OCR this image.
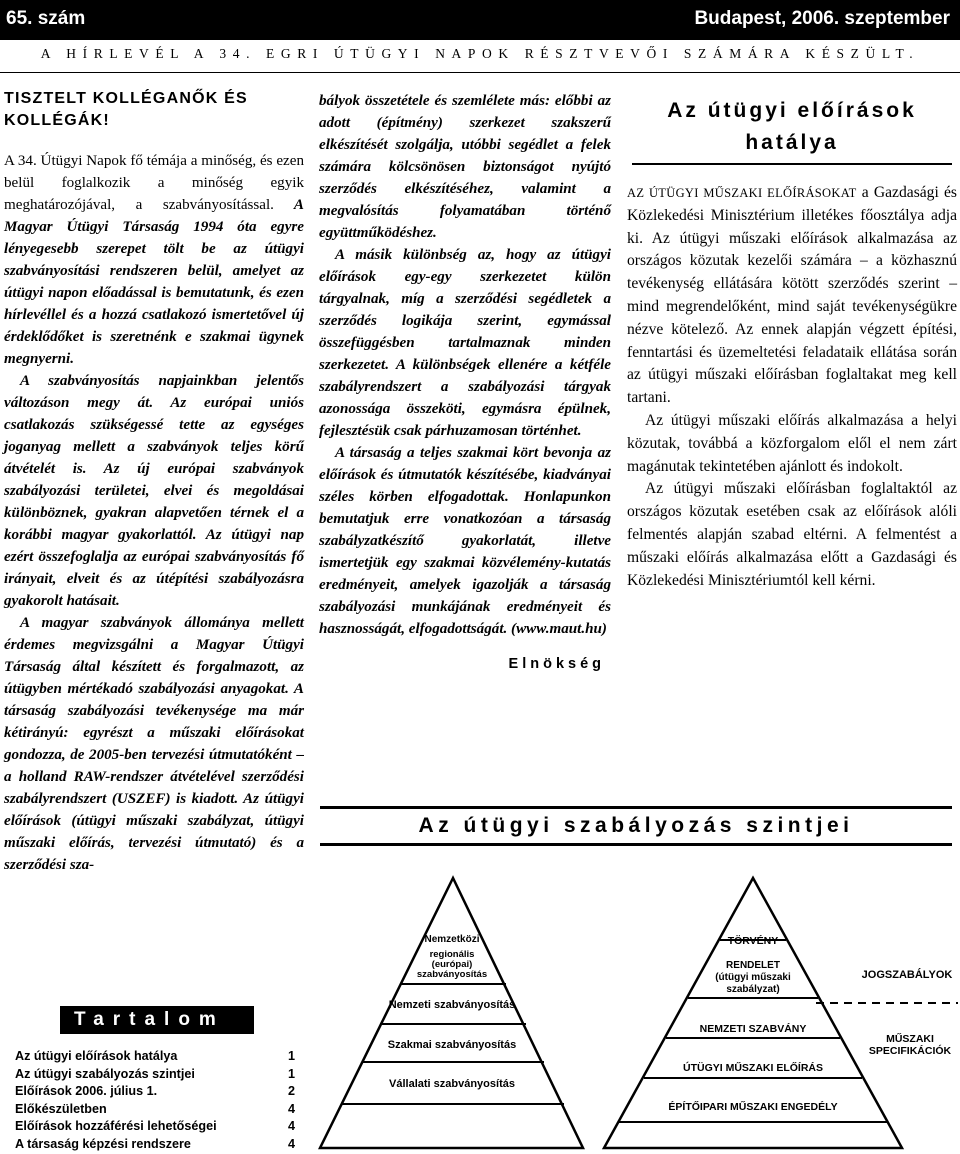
65. szám	Budapest, 2006. szeptember
A HÍRLEVÉL A 34. EGRI ÚTÜGYI NAPOK RÉSZTVEVŐI SZÁMÁRA KÉSZÜLT.

TISZTELT KOLLÉGANŐK ÉS KOLLÉGÁK!

A 34. Útügyi Napok fő témája a minőség, és ezen belül foglalkozik a minőség egyik meghatározójával, a szabványosítással. A Magyar Útügyi Társaság 1994 óta egyre lényegesebb szerepet tölt be az útügyi szabványosítási rendszeren belül, amelyet az útügyi napon előadással is bemutatunk, és ezen hírlevéllel és a hozzá csatlakozó ismertetővel új érdeklődőket is szeretnénk e szakmai ügynek megnyerni.

A szabványosítás napjainkban jelentős változáson megy át. Az európai uniós csatlakozás szükségessé tette az egységes joganyag mellett a szabványok teljes körű átvételét is. Az új európai szabványok szabályozási területei, elvei és megoldásai különböznek, gyakran alapvetően térnek el a korábbi magyar gyakorlattól. Az útügyi nap ezért összefoglalja az európai szabványosítás fő irányait, elveit és az útépítési szabályozásra gyakorolt hatásait.

A magyar szabványok állománya mellett érdemes megvizsgálni a Magyar Útügyi Társaság által készített és forgalmazott, az útügyben mértékadó szabályozási anyagokat. A társaság szabályozási tevékenysége ma már kétirányú: egyrészt a műszaki előírásokat gondozza, de 2005-ben tervezési útmutatóként – a holland RAW-rendszer átvételével szerződési szabályrendszert (USZEF) is kiadott. Az útügyi előírások (útügyi műszaki szabályzat, útügyi műszaki előírás, tervezési útmutató) és a szerződési sza-

bályok összetétele és szemlélete más: előbbi az adott (építmény) szerkezet szakszerű elkészítését szolgálja, utóbbi segédlet a felek számára kölcsönösen biztonságot nyújtó szerződés elkészítéséhez, valamint a megvalósítás folyamatában történő együttműködéshez.

A másik különbség az, hogy az útügyi előírások egy-egy szerkezetet külön tárgyalnak, míg a szerződési segédletek a szerződés logikája szerint, egymással összefüggésben tartalmaznak minden szerkezetet. A különbségek ellenére a kétféle szabályrendszert a szabályozási tárgyak azonossága összeköti, egymásra épülnek, fejlesztésük csak párhuzamosan történhet.

A társaság a teljes szakmai kört bevonja az előírások és útmutatók készítésébe, kiadványai széles körben elfogadottak. Honlapunkon bemutatjuk erre vonatkozóan a társaság szabályzatkészítő gyakorlatát, illetve ismertetjük egy szakmai közvélemény-kutatás eredményeit, amelyek igazolják a társaság szabályozási munkájának eredményeit és hasznosságát, elfogadottságát. (www.maut.hu)

Elnökség

Az útügyi előírások hatálya

AZ ÚTÜGYI MŰSZAKI ELŐÍRÁSOKAT a Gazdasági és Közlekedési Minisztérium illetékes főosztálya adja ki. Az útügyi műszaki előírások alkalmazása az országos közutak kezelői számára – a közhasznú tevékenység ellátására kötött szerződés szerint – mind megrendelőként, mind saját tevékenységükre nézve kötelező. Az ennek alapján végzett építési, fenntartási és üzemeltetési feladataik ellátása során az útügyi műszaki előírásban foglaltakat meg kell tartani.

Az útügyi műszaki előírás alkalmazása a helyi közutak, továbbá a közforgalom elől el nem zárt magánutak tekintetében ajánlott és indokolt.

Az útügyi műszaki előírásban foglaltaktól az országos közutak esetében csak az előírások alóli felmentés alapján szabad eltérni. A felmentést a műszaki előírás alkalmazása előtt a Gazdasági és Közlekedési Minisztériumtól kell kérni.

Az útügyi szabályozás szintjei
Nemzetközi
regionális (európai) szabványosítás
Nemzeti szabványosítás
Szakmai szabványosítás
Vállalati szabványosítás
TÖRVÉNY
RENDELET (útügyi műszaki szabályzat)
NEMZETI SZABVÁNY
ÚTÜGYI MŰSZAKI ELŐÍRÁS
ÉPÍTŐIPARI MŰSZAKI ENGEDÉLY
JOGSZABÁLYOK
MŰSZAKI SPECIFIKÁCIÓK
Tartalom
Az útügyi előírások hatálya	1
Az útügyi szabályozás szintjei	1
Előírások 2006. július 1.	2
Előkészületben	4
Előírások hozzáférési lehetőségei	4
A társaság képzési rendszere	4
